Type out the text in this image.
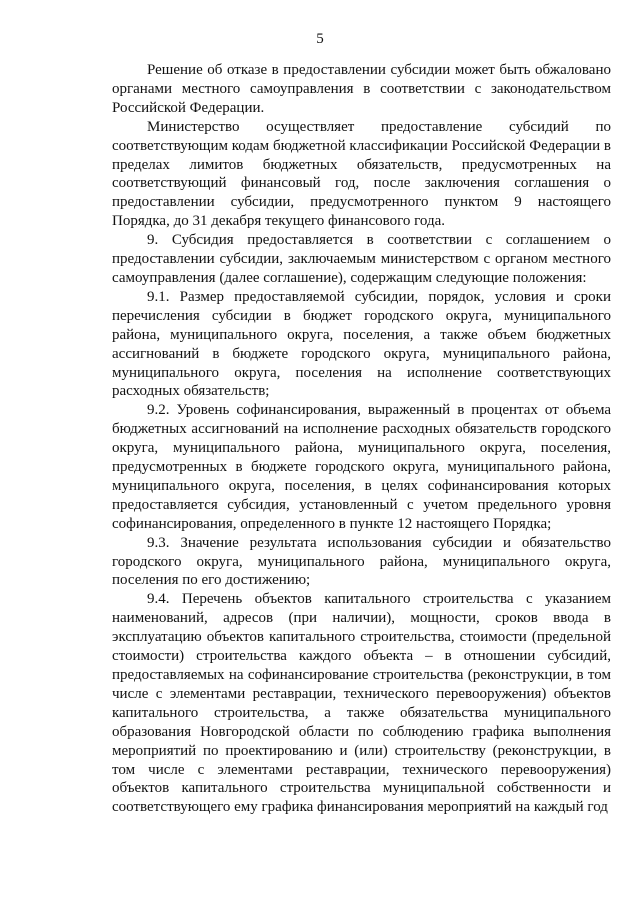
5

Решение об отказе в предоставлении субсидии может быть обжаловано органами местного самоуправления в соответствии с законодательством Российской Федерации.

Министерство осуществляет предоставление субсидий по соответствующим кодам бюджетной классификации Российской Федерации в пределах лимитов бюджетных обязательств, предусмотренных на соответствующий финансовый год, после заключения соглашения о предоставлении субсидии, предусмотренного пунктом 9 настоящего Порядка, до 31 декабря текущего финансового года.

9. Субсидия предоставляется в соответствии с соглашением о предоставлении субсидии, заключаемым министерством с органом местного самоуправления (далее соглашение), содержащим следующие положения:

9.1. Размер предоставляемой субсидии, порядок, условия и сроки перечисления субсидии в бюджет городского округа, муниципального района, муниципального округа, поселения, а также объем бюджетных ассигнований в бюджете городского округа, муниципального района, муниципального округа, поселения на исполнение соответствующих расходных обязательств;

9.2. Уровень софинансирования, выраженный в процентах от объема бюджетных ассигнований на исполнение расходных обязательств городского округа, муниципального района, муниципального округа, поселения, предусмотренных в бюджете городского округа, муниципального района, муниципального округа, поселения, в целях софинансирования которых предоставляется субсидия, установленный с учетом предельного уровня софинансирования, определенного в пункте 12 настоящего Порядка;

9.3. Значение результата использования субсидии и обязательство городского округа, муниципального района, муниципального округа, поселения по его достижению;

9.4. Перечень объектов капитального строительства с указанием наименований, адресов (при наличии), мощности, сроков ввода в эксплуатацию объектов капитального строительства, стоимости (предельной стоимости) строительства каждого объекта – в отношении субсидий, предоставляемых на софинансирование строительства (реконструкции, в том числе с элементами реставрации, технического перевооружения) объектов капитального строительства, а также обязательства муниципального образования Новгородской области по соблюдению графика выполнения мероприятий по проектированию и (или) строительству (реконструкции, в том числе с элементами реставрации, технического перевооружения) объектов капитального строительства муниципальной собственности и соответствующего ему графика финансирования мероприятий на каждый год
